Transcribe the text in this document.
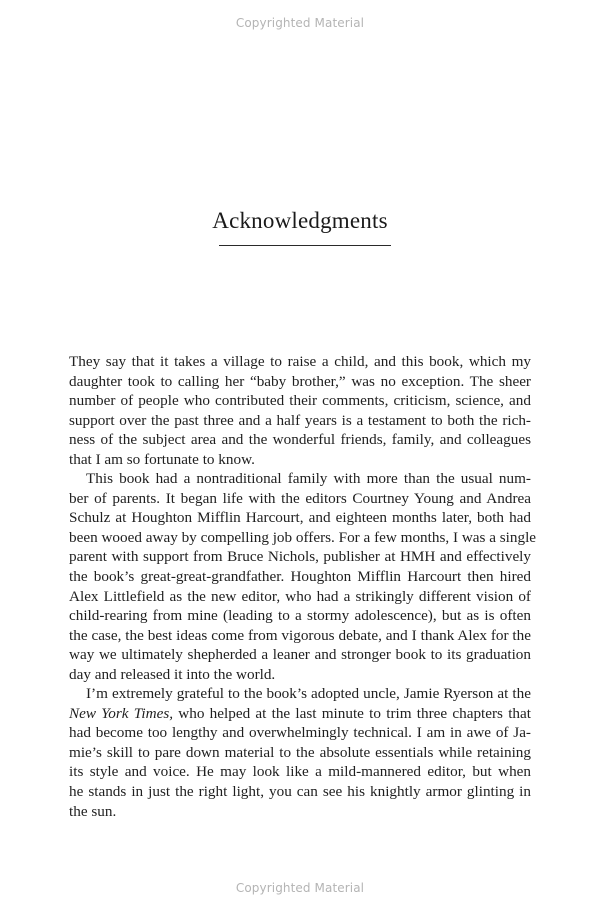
Copyrighted Material
Acknowledgments
They say that it takes a village to raise a child, and this book, which my
daughter took to calling her “baby brother,” was no exception. The sheer
number of people who contributed their comments, criticism, science, and
support over the past three and a half years is a testament to both the rich-
ness of the subject area and the wonderful friends, family, and colleagues
that I am so fortunate to know.
This book had a nontraditional family with more than the usual num-
ber of parents. It began life with the editors Courtney Young and Andrea
Schulz at Houghton Mifflin Harcourt, and eighteen months later, both had
been wooed away by compelling job offers. For a few months, I was a single
parent with support from Bruce Nichols, publisher at HMH and effectively
the book’s great-great-grandfather. Houghton Mifflin Harcourt then hired
Alex Littlefield as the new editor, who had a strikingly different vision of
child-rearing from mine (leading to a stormy adolescence), but as is often
the case, the best ideas come from vigorous debate, and I thank Alex for the
way we ultimately shepherded a leaner and stronger book to its graduation
day and released it into the world.
I’m extremely grateful to the book’s adopted uncle, Jamie Ryerson at the
New York Times, who helped at the last minute to trim three chapters that
had become too lengthy and overwhelmingly technical. I am in awe of Ja-
mie’s skill to pare down material to the absolute essentials while retaining
its style and voice. He may look like a mild-mannered editor, but when
he stands in just the right light, you can see his knightly armor glinting in
the sun.
Copyrighted Material
